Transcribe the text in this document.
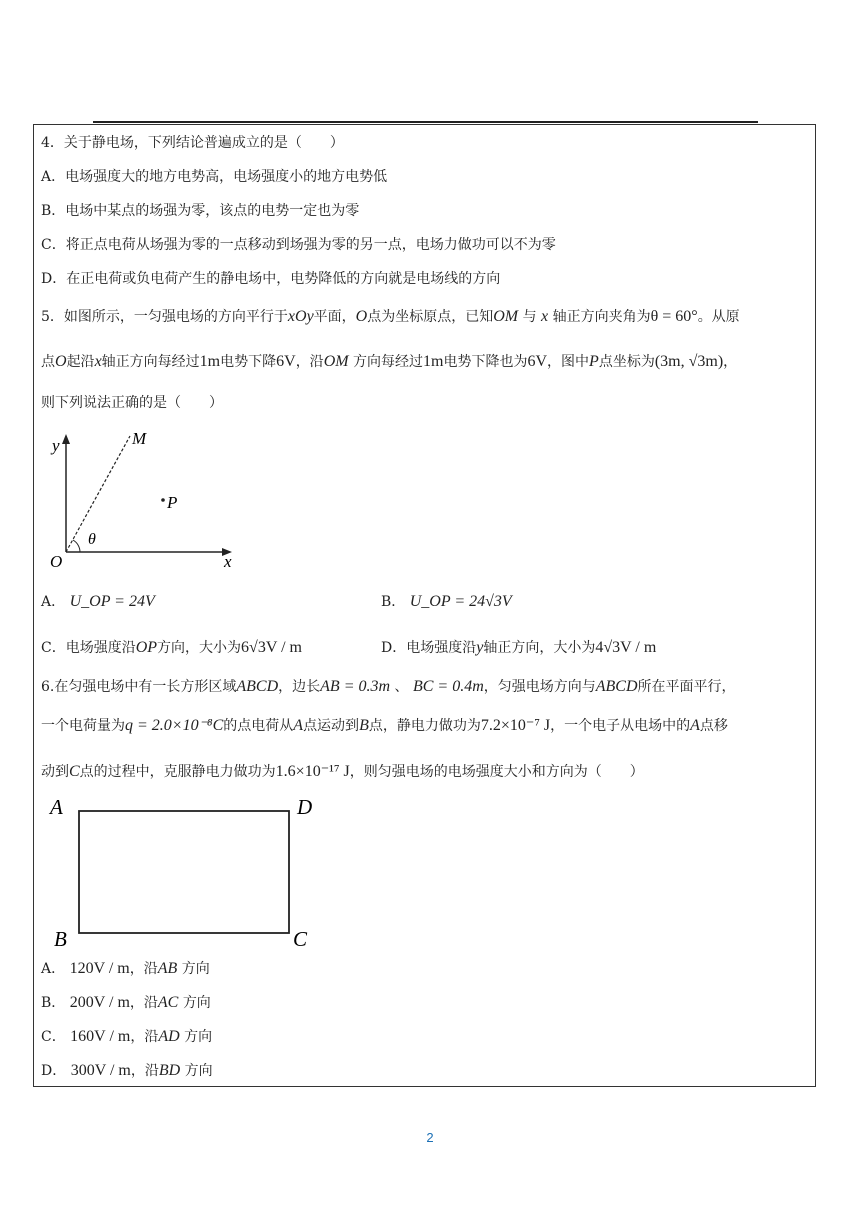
4．关于静电场，下列结论普遍成立的是（　　）
A．电场强度大的地方电势高，电场强度小的地方电势低
B．电场中某点的场强为零，该点的电势一定也为零
C．将正点电荷从场强为零的一点移动到场强为零的另一点，电场力做功可以不为零
D．在正电荷或负电荷产生的静电场中，电势降低的方向就是电场线的方向
5．如图所示，一匀强电场的方向平行于xOy平面，O点为坐标原点，已知OM 与 x 轴正方向夹角为θ = 60°。从原
点O起沿x轴正方向每经过1m电势下降6V，沿OM 方向每经过1m电势下降也为6V，图中P点坐标为(3m, √3m)，
则下列说法正确的是（　　）
y	M
P
θ
O	x
A． U_OP = 24V	B． U_OP = 24√3V
C．电场强度沿OP方向，大小为6√3V / m	D．电场强度沿y轴正方向，大小为4√3V / m
6.在匀强电场中有一长方形区域ABCD，边长AB = 0.3m 、 BC = 0.4m，匀强电场方向与ABCD所在平面平行，
一个电荷量为q = 2.0×10⁻⁸C的点电荷从A点运动到B点，静电力做功为7.2×10⁻⁷ J，一个电子从电场中的A点移
动到C点的过程中，克服静电力做功为1.6×10⁻¹⁷ J，则匀强电场的电场强度大小和方向为（　　）
A	D
B	C
A． 120V / m，沿AB 方向
B． 200V / m，沿AC 方向
C． 160V / m，沿AD 方向
D． 300V / m，沿BD 方向
2
